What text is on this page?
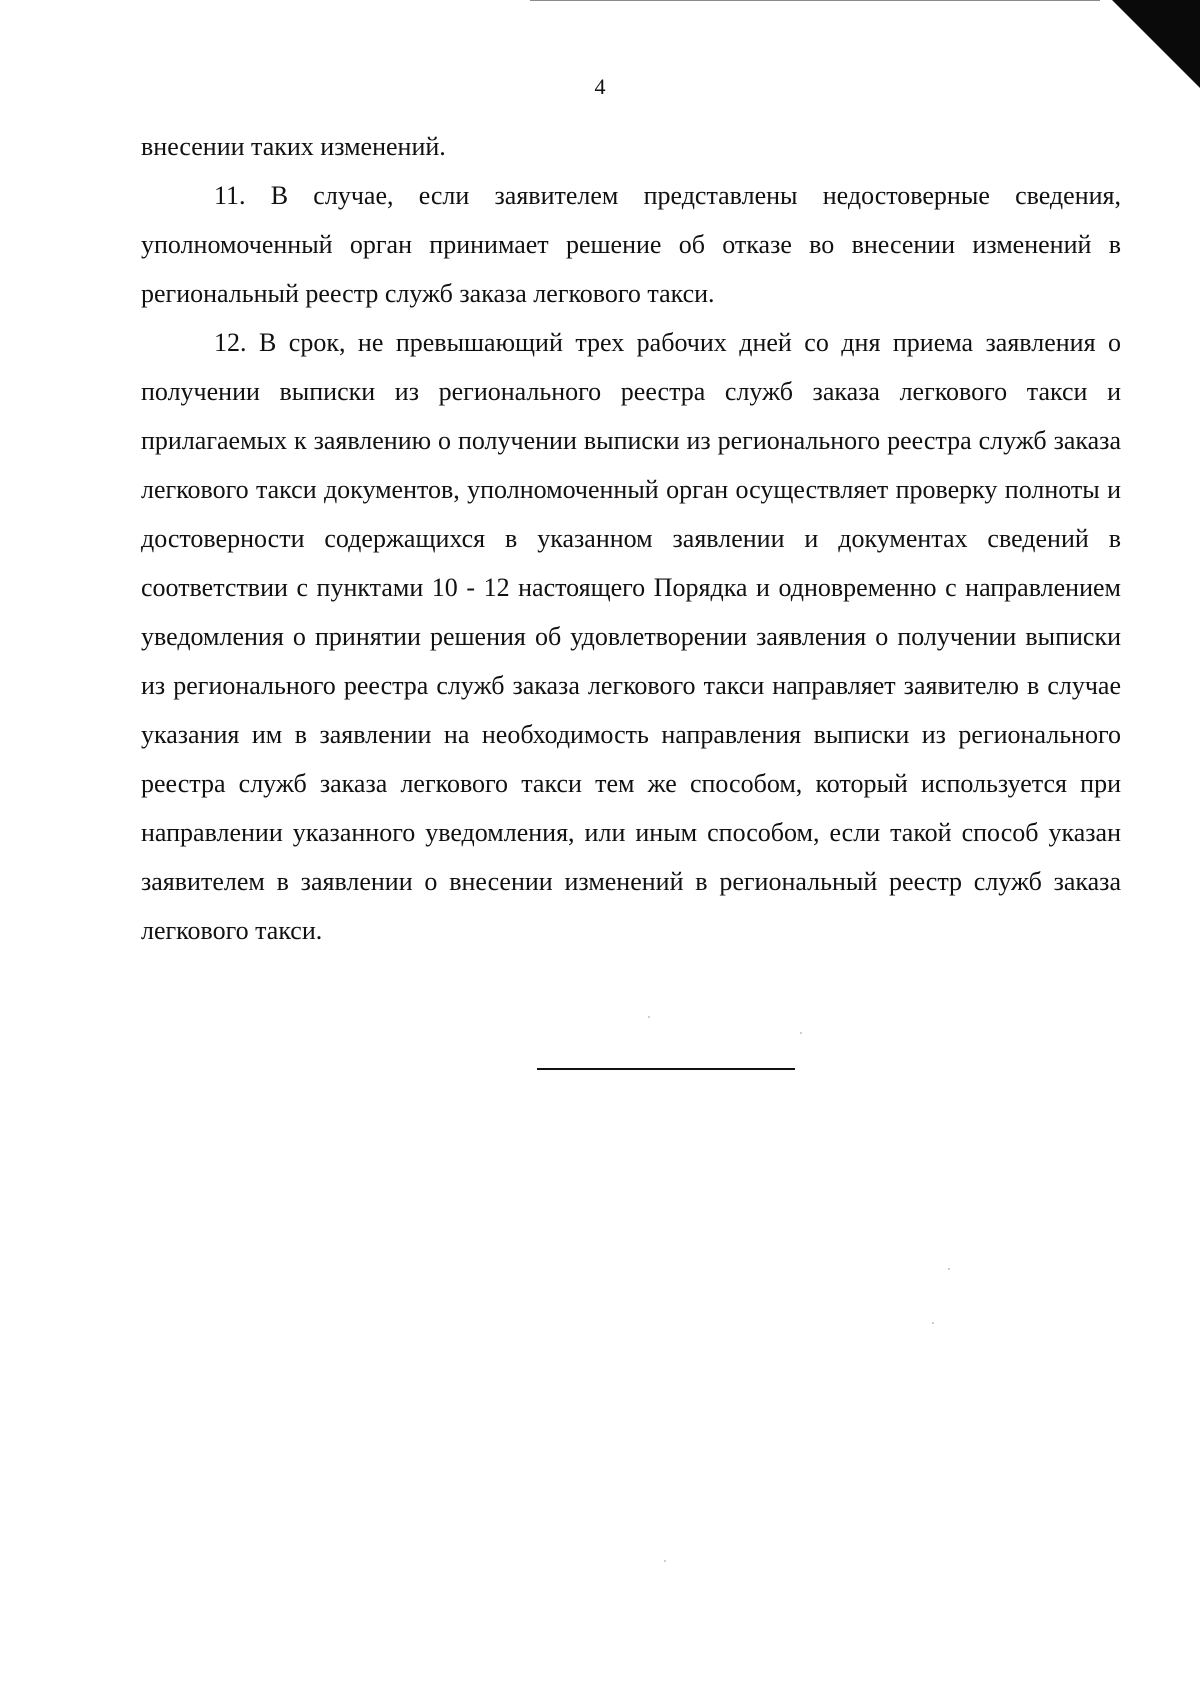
4

внесении таких изменений.

11. В случае, если заявителем представлены недостоверные сведения, уполномоченный орган принимает решение об отказе во внесении изменений в региональный реестр служб заказа легкового такси.

12. В срок, не превышающий трех рабочих дней со дня приема заявления о получении выписки из регионального реестра служб заказа легкового такси и прилагаемых к заявлению о получении выписки из регионального реестра служб заказа легкового такси документов, уполномоченный орган осуществляет проверку полноты и достоверности содержащихся в указанном заявлении и документах сведений в соответствии с пунктами 10 - 12 настоящего Порядка и одновременно с направлением уведомления о принятии решения об удовлетворении заявления о получении выписки из регионального реестра служб заказа легкового такси направляет заявителю в случае указания им в заявлении на необходимость направления выписки из регионального реестра служб заказа легкового такси тем же способом, который используется при направлении указанного уведомления, или иным способом, если такой способ указан заявителем в заявлении о внесении изменений в региональный реестр служб заказа легкового такси.
